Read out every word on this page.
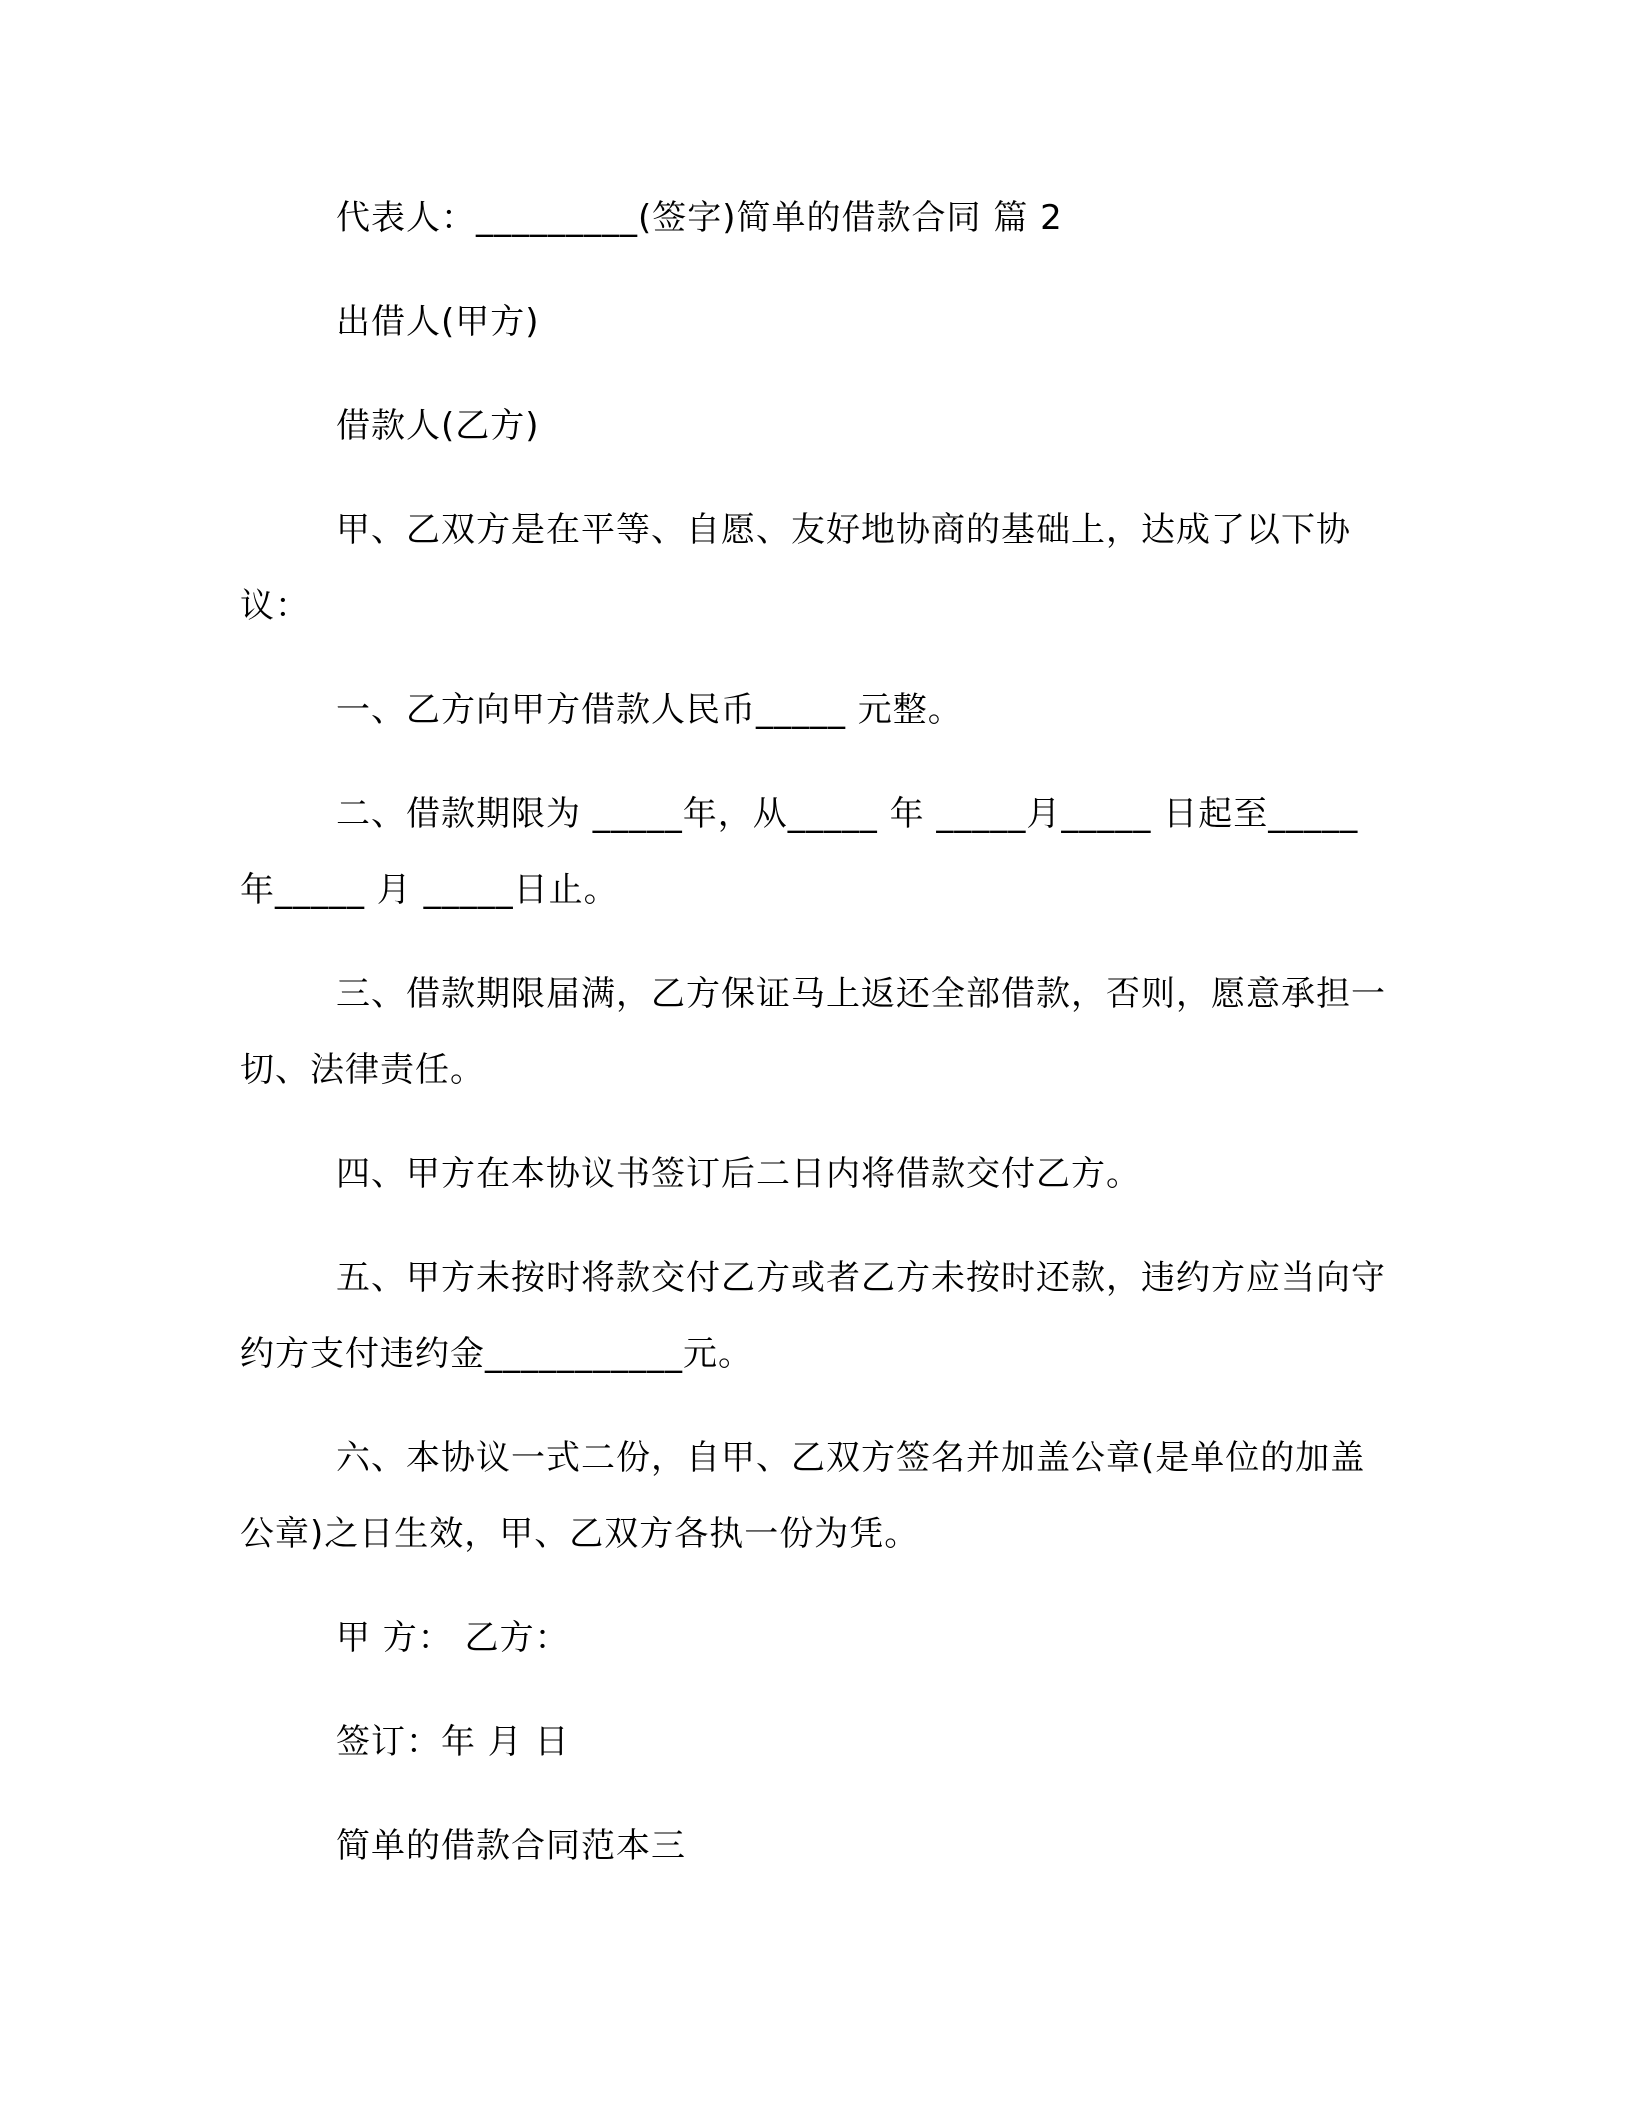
代表人：_________(签字)简单的借款合同 篇 2

出借人(甲方)

借款人(乙方)

甲、乙双方是在平等、自愿、友好地协商的基础上，达成了以下协议：

一、乙方向甲方借款人民币_____ 元整。

二、借款期限为 _____年，从_____ 年 _____月_____ 日起至_____ 年_____ 月 _____日止。

三、借款期限届满，乙方保证马上返还全部借款，否则，愿意承担一切、法律责任。

四、甲方在本协议书签订后二日内将借款交付乙方。

五、甲方未按时将款交付乙方或者乙方未按时还款，违约方应当向守约方支付违约金___________元。

六、本协议一式二份，自甲、乙双方签名并加盖公章(是单位的加盖公章)之日生效，甲、乙双方各执一份为凭。

甲 方： 乙方：

签订：年 月 日

简单的借款合同范本三
